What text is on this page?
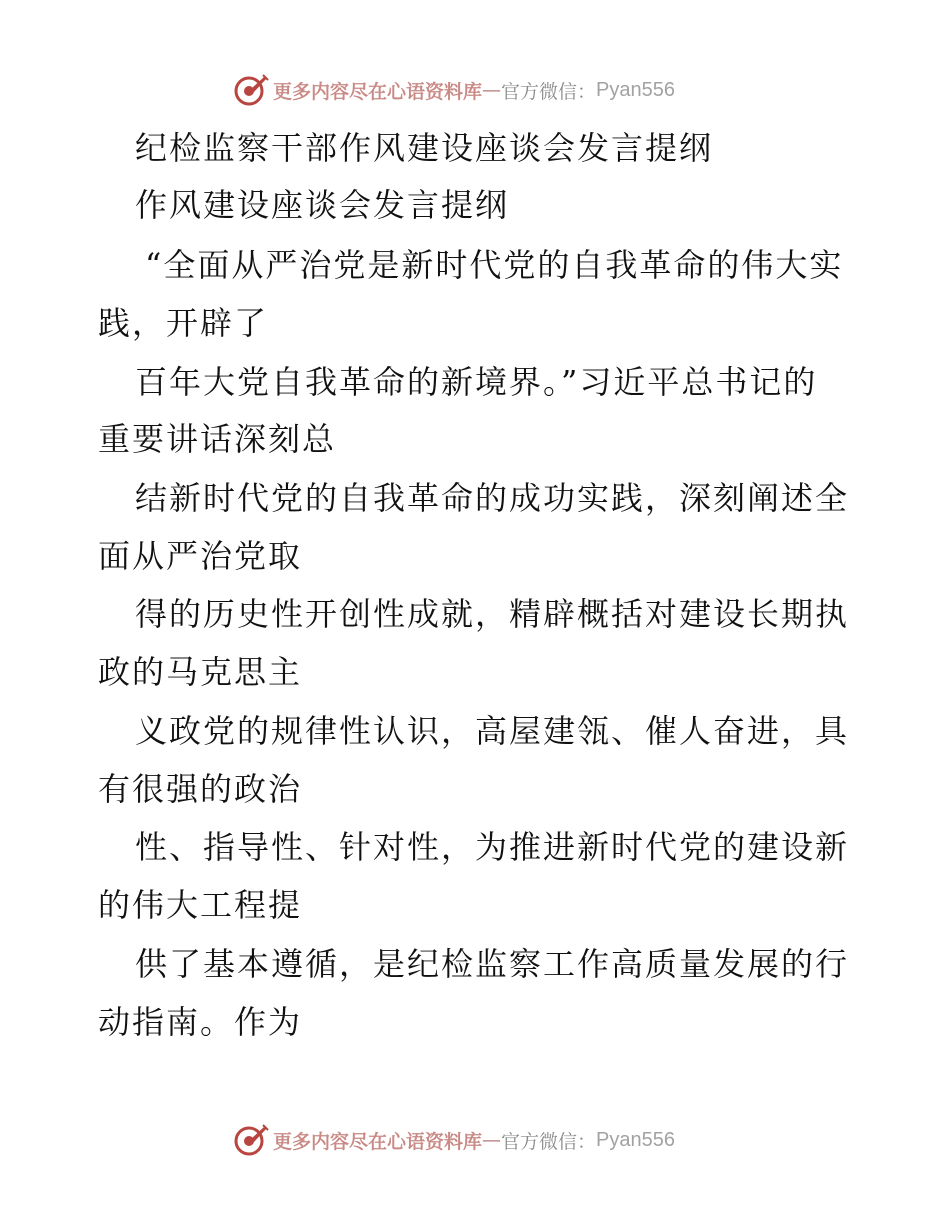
更多内容尽在心语资料库 — 官方微信： Pyan556
纪检监察干部作风建设座谈会发言提纲
作风建设座谈会发言提纲
“全面从严治党是新时代党的自我革命的伟大实
践，开辟了
百年大党自我革命的新境界。”习近平总书记的
重要讲话深刻总
结新时代党的自我革命的成功实践，深刻阐述全
面从严治党取
得的历史性开创性成就，精辟概括对建设长期执
政的马克思主
义政党的规律性认识，高屋建瓴、催人奋进，具
有很强的政治
性、指导性、针对性，为推进新时代党的建设新
的伟大工程提
供了基本遵循，是纪检监察工作高质量发展的行
动指南。作为
更多内容尽在心语资料库 — 官方微信： Pyan556
